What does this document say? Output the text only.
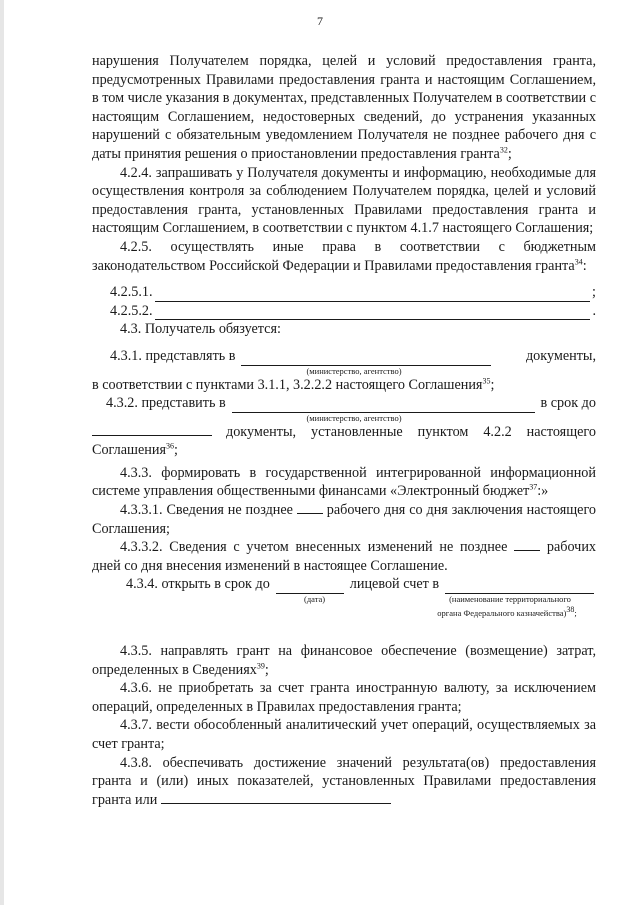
7

нарушения Получателем порядка, целей и условий предоставления гранта, предусмотренных Правилами предоставления гранта и настоящим Соглашением, в том числе указания в документах, представленных Получателем в соответствии с настоящим Соглашением, недостоверных сведений, до устранения указанных нарушений с обязательным уведомлением Получателя не позднее рабочего дня с даты принятия решения о приостановлении предоставления гранта$^{32}$;

4.2.4. запрашивать у Получателя документы и информацию, необходимые для осуществления контроля за соблюдением Получателем порядка, целей и условий предоставления гранта, установленных Правилами предоставления гранта и настоящим Соглашением, в соответствии с пунктом 4.1.7 настоящего Соглашения;

4.2.5. осуществлять иные права в соответствии с бюджетным законодательством Российской Федерации и Правилами предоставления гранта$^{34}$:

4.2.5.1.	;
4.2.5.2.	.

4.3. Получатель обязуется:

4.3.1. представлять в	документы,
(министерство, агентство)

в соответствии с пунктами 3.1.1, 3.2.2.2 настоящего Соглашения$^{35}$;

4.3.2. представить в	в срок до
(министерство, агентство)

документы, установленные пунктом 4.2.2 настоящего Соглашения$^{36}$;

4.3.3. формировать в государственной интегрированной информационной системе управления общественными финансами «Электронный бюджет$^{37}$:»

4.3.3.1. Сведения не позднее рабочего дня со дня заключения настоящего Соглашения;

4.3.3.2. Сведения с учетом внесенных изменений не позднее	рабочих дней со дня внесения изменений в настоящее Соглашение.

4.3.4. открыть в срок до	лицевой счет в
(дата)	(наименование территориального
органа Федерального казначейства)$^{38}$;

4.3.5. направлять грант на финансовое обеспечение (возмещение) затрат, определенных в Сведениях$^{39}$;

4.3.6. не приобретать за счет гранта иностранную валюту, за исключением операций, определенных в Правилах предоставления гранта;

4.3.7. вести обособленный аналитический учет операций, осуществляемых за счет гранта;

4.3.8. обеспечивать достижение значений результата(ов) предоставления гранта и (или) иных показателей, установленных Правилами предоставления гранта или
